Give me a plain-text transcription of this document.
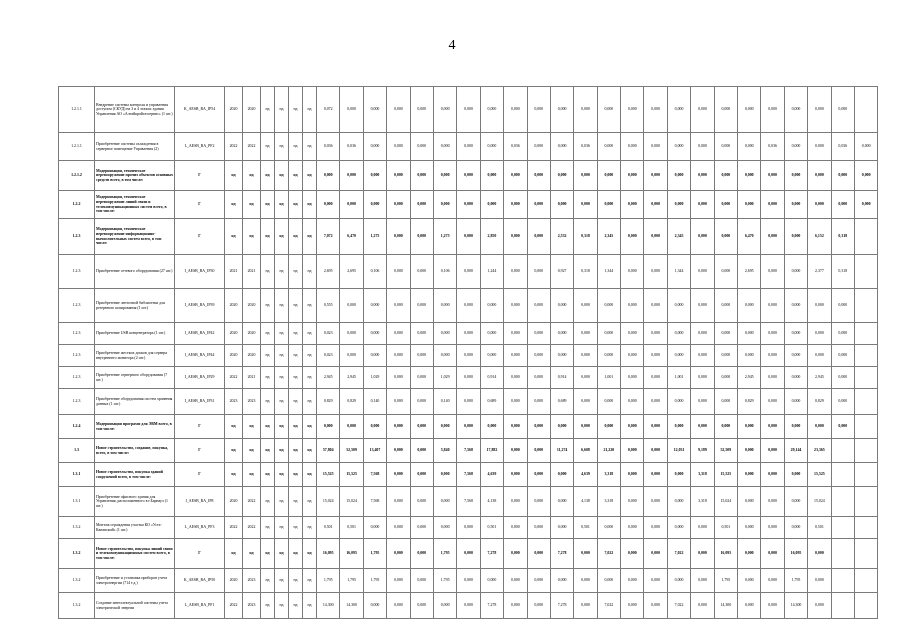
4
1.2.1.1	Внедрение системы контроля и управления доступом (СКУД) на 3 и 4 этажах здания Управления АО «Алтайкрайгазсервис» (1 шт.)	K_AESB_RA_IP54	2020	2020	нд	нд	нд	нд	0,072	0,000	0,000	0,000	0,000	0,000	0,000	0,000	0,000	0,000	0,000	0,000	0,000	0,000	0,000	0,000	0,000	0,000	0,000	0,000	0,000	0,000	0,000	
1.2.1.1	Приобретение системы охлаждения в серверное помещение Управления (2)	L_AESB_RA_PF2	2022	2022	нд	нд	нд	нд	0,036	0,036	0,000	0,000	0,000	0,000	0,000	0,000	0,036	0,000	0,000	0,036	0,000	0,000	0,000	0,000	0,000	0,000	0,000	0,036	0,000	0,000	0,036	0,000
1.2.1.2	Модернизация, техническое перевооружение прочих объектов основных средств всего, в том числе:	Г	нд	нд	нд	нд	нд	нд	0,000	0,000	0,000	0,000	0,000	0,000	0,000	0,000	0,000	0,000	0,000	0,000	0,000	0,000	0,000	0,000	0,000	0,000	0,000	0,000	0,000	0,000	0,000	0,000
1.2.2	Модернизация, техническое перевооружение линий связи и телекоммуникационных систем всего, в том числе:	Г	нд	нд	нд	нд	нд	нд	0,000	0,000	0,000	0,000	0,000	0,000	0,000	0,000	0,000	0,000	0,000	0,000	0,000	0,000	0,000	0,000	0,000	0,000	0,000	0,000	0,000	0,000	0,000	0,000
1.2.3	Модернизация, техническое перевооружение информационно-вычислительных систем всего, в том числе:	Г	нд	нд	нд	нд	нд	нд	7,072	6,470	1,275	0,000	0,000	1,275	0,000	2,850	0,000	0,000	2,532	0,318	2,345	0,000	0,000	2,345	0,000	0,000	6,470	0,000	0,000	6,152	0,318	
1.2.3	Приобретение сетевого оборудования (27 шт.)	I_AESB_RA_IP30	2021	2021	нд	нд	нд	нд	2,695	2,695	0,106	0,000	0,000	0,106	0,000	1,244	0,000	0,000	0,927	0,318	1,344	0,000	0,000	1,344	0,000	0,000	2,695	0,000	0,000	2,377	0,318	
1.2.3	Приобретение ленточной библиотеки для резервного копирования (1 шт.)	I_AESB_RA_IP39	2020	2020	нд	нд	нд	нд	0,555	0,000	0,000	0,000	0,000	0,000	0,000	0,000	0,000	0,000	0,000	0,000	0,000	0,000	0,000	0,000	0,000	0,000	0,000	0,000	0,000	0,000	0,000	
1.2.3	Приобретение USB концентратора (1 шт.)	I_AESB_RA_IP42	2020	2020	нд	нд	нд	нд	0,023	0,000	0,000	0,000	0,000	0,000	0,000	0,000	0,000	0,000	0,000	0,000	0,000	0,000	0,000	0,000	0,000	0,000	0,000	0,000	0,000	0,000	0,000	
1.2.3	Приобретение жестких дисков для сервера внутреннего монитора (2 шт.)	I_AESB_RA_IP44	2020	2020	нд	нд	нд	нд	0,023	0,000	0,000	0,000	0,000	0,000	0,000	0,000	0,000	0,000	0,000	0,000	0,000	0,000	0,000	0,000	0,000	0,000	0,000	0,000	0,000	0,000	0,000	
1.2.3	Приобретение серверного оборудования (7 шт.)	I_AESB_RA_IP29	2022	2021	нд	нд	нд	нд	2,945	2,945	1,029	0,000	0,000	1,029	0,000	0,914	0,000	0,000	0,914	0,000	1,001	0,000	0,000	1,001	0,000	0,000	2,945	0,000	0,000	2,945	0,000	
1.2.3	Приобретение оборудования систем хранения данных (1 шт.)	I_AESB_RA_IP31	2023	2023	нд	нд	нд	нд	0,829	0,829	0,140	0,000	0,000	0,140	0,000	0,689	0,000	0,000	0,689	0,000	0,000	0,000	0,000	0,000	0,000	0,000	0,829	0,000	0,000	0,829	0,000	
1.2.4	Модернизация программ для ЭВМ всего, в том числе:	Г	нд	нд	нд	нд	нд	нд	0,000	0,000	0,000	0,000	0,000	0,000	0,000	0,000	0,000	0,000	0,000	0,000	0,000	0,000	0,000	0,000	0,000	0,000	0,000	0,000	0,000	0,000	0,000	
1.3	Новое строительство, создание, покупка, всего, в том числе:	Г	нд	нд	нд	нд	нд	нд	57,804	52,509	13,407	0,000	0,000	5,840	7,568	17,882	0,000	0,000	11,274	6,608	21,220	0,000	0,000	12,031	9,189	52,509	0,000	0,000	29,144	23,365		
1.3.1	Новое строительство, покупка зданий сооружений всего, в том числе:	Г	нд	нд	нд	нд	нд	нд	15,525	15,525	7,568	0,000	0,000	0,000	7,568	4,639	0,000	0,000	0,000	4,639	3,318	0,000	0,000	0,000	3,318	15,525	0,000	0,000	0,000	15,525		
1.3.1	Приобретение офисного здания для Управления, расположенного в г.Барнаул (1 шт.)	I_AESB_RA_IP8	2020	2022	нд	нд	нд	нд	15,024	15,024	7,568	0,000	0,000	0,000	7,568	4,138	0,000	0,000	0,000	4,138	3,318	0,000	0,000	0,000	3,318	15,024	0,000	0,000	0,000	15,024		
1.3.2	Монтаж ограждения участка КО «Усть-Канавский» (1 шт.)	L_AESB_RA_PF3	2022	2022	нд	нд	нд	нд	0,501	0,501	0,000	0,000	0,000	0,000	0,000	0,501	0,000	0,000	0,000	0,501	0,000	0,000	0,000	0,000	0,000	0,501	0,000	0,000	0,000	0,501		
1.3.2	Новое строительство, покупка линий связи и телекоммуникационных систем всего, в том числе:	Г	нд	нд	нд	нд	нд	нд	16,095	16,095	1,795	0,000	0,000	1,795	0,000	7,278	0,000	0,000	7,278	0,000	7,022	0,000	0,000	7,022	0,000	16,095	0,000	0,000	16,095	0,000		
1.3.2	Приобретение и установка приборов учета электроэнергии (714 т.д.)	K_AESB_RA_IP50	2020	2023	нд	нд	нд	нд	1,795	1,795	1,795	0,000	0,000	1,795	0,000	0,000	0,000	0,000	0,000	0,000	0,000	0,000	0,000	0,000	0,000	1,795	0,000	0,000	1,795	0,000		
1.3.2	Создание интеллектуальной системы учета электрической энергии	L_AESB_RA_PF1	2022	2023	нд	нд	нд	нд	14,300	14,300	0,000	0,000	0,000	0,000	0,000	7,278	0,000	0,000	7,278	0,000	7,022	0,000	0,000	7,022	0,000	14,300	0,000	0,000	14,300	0,000		
